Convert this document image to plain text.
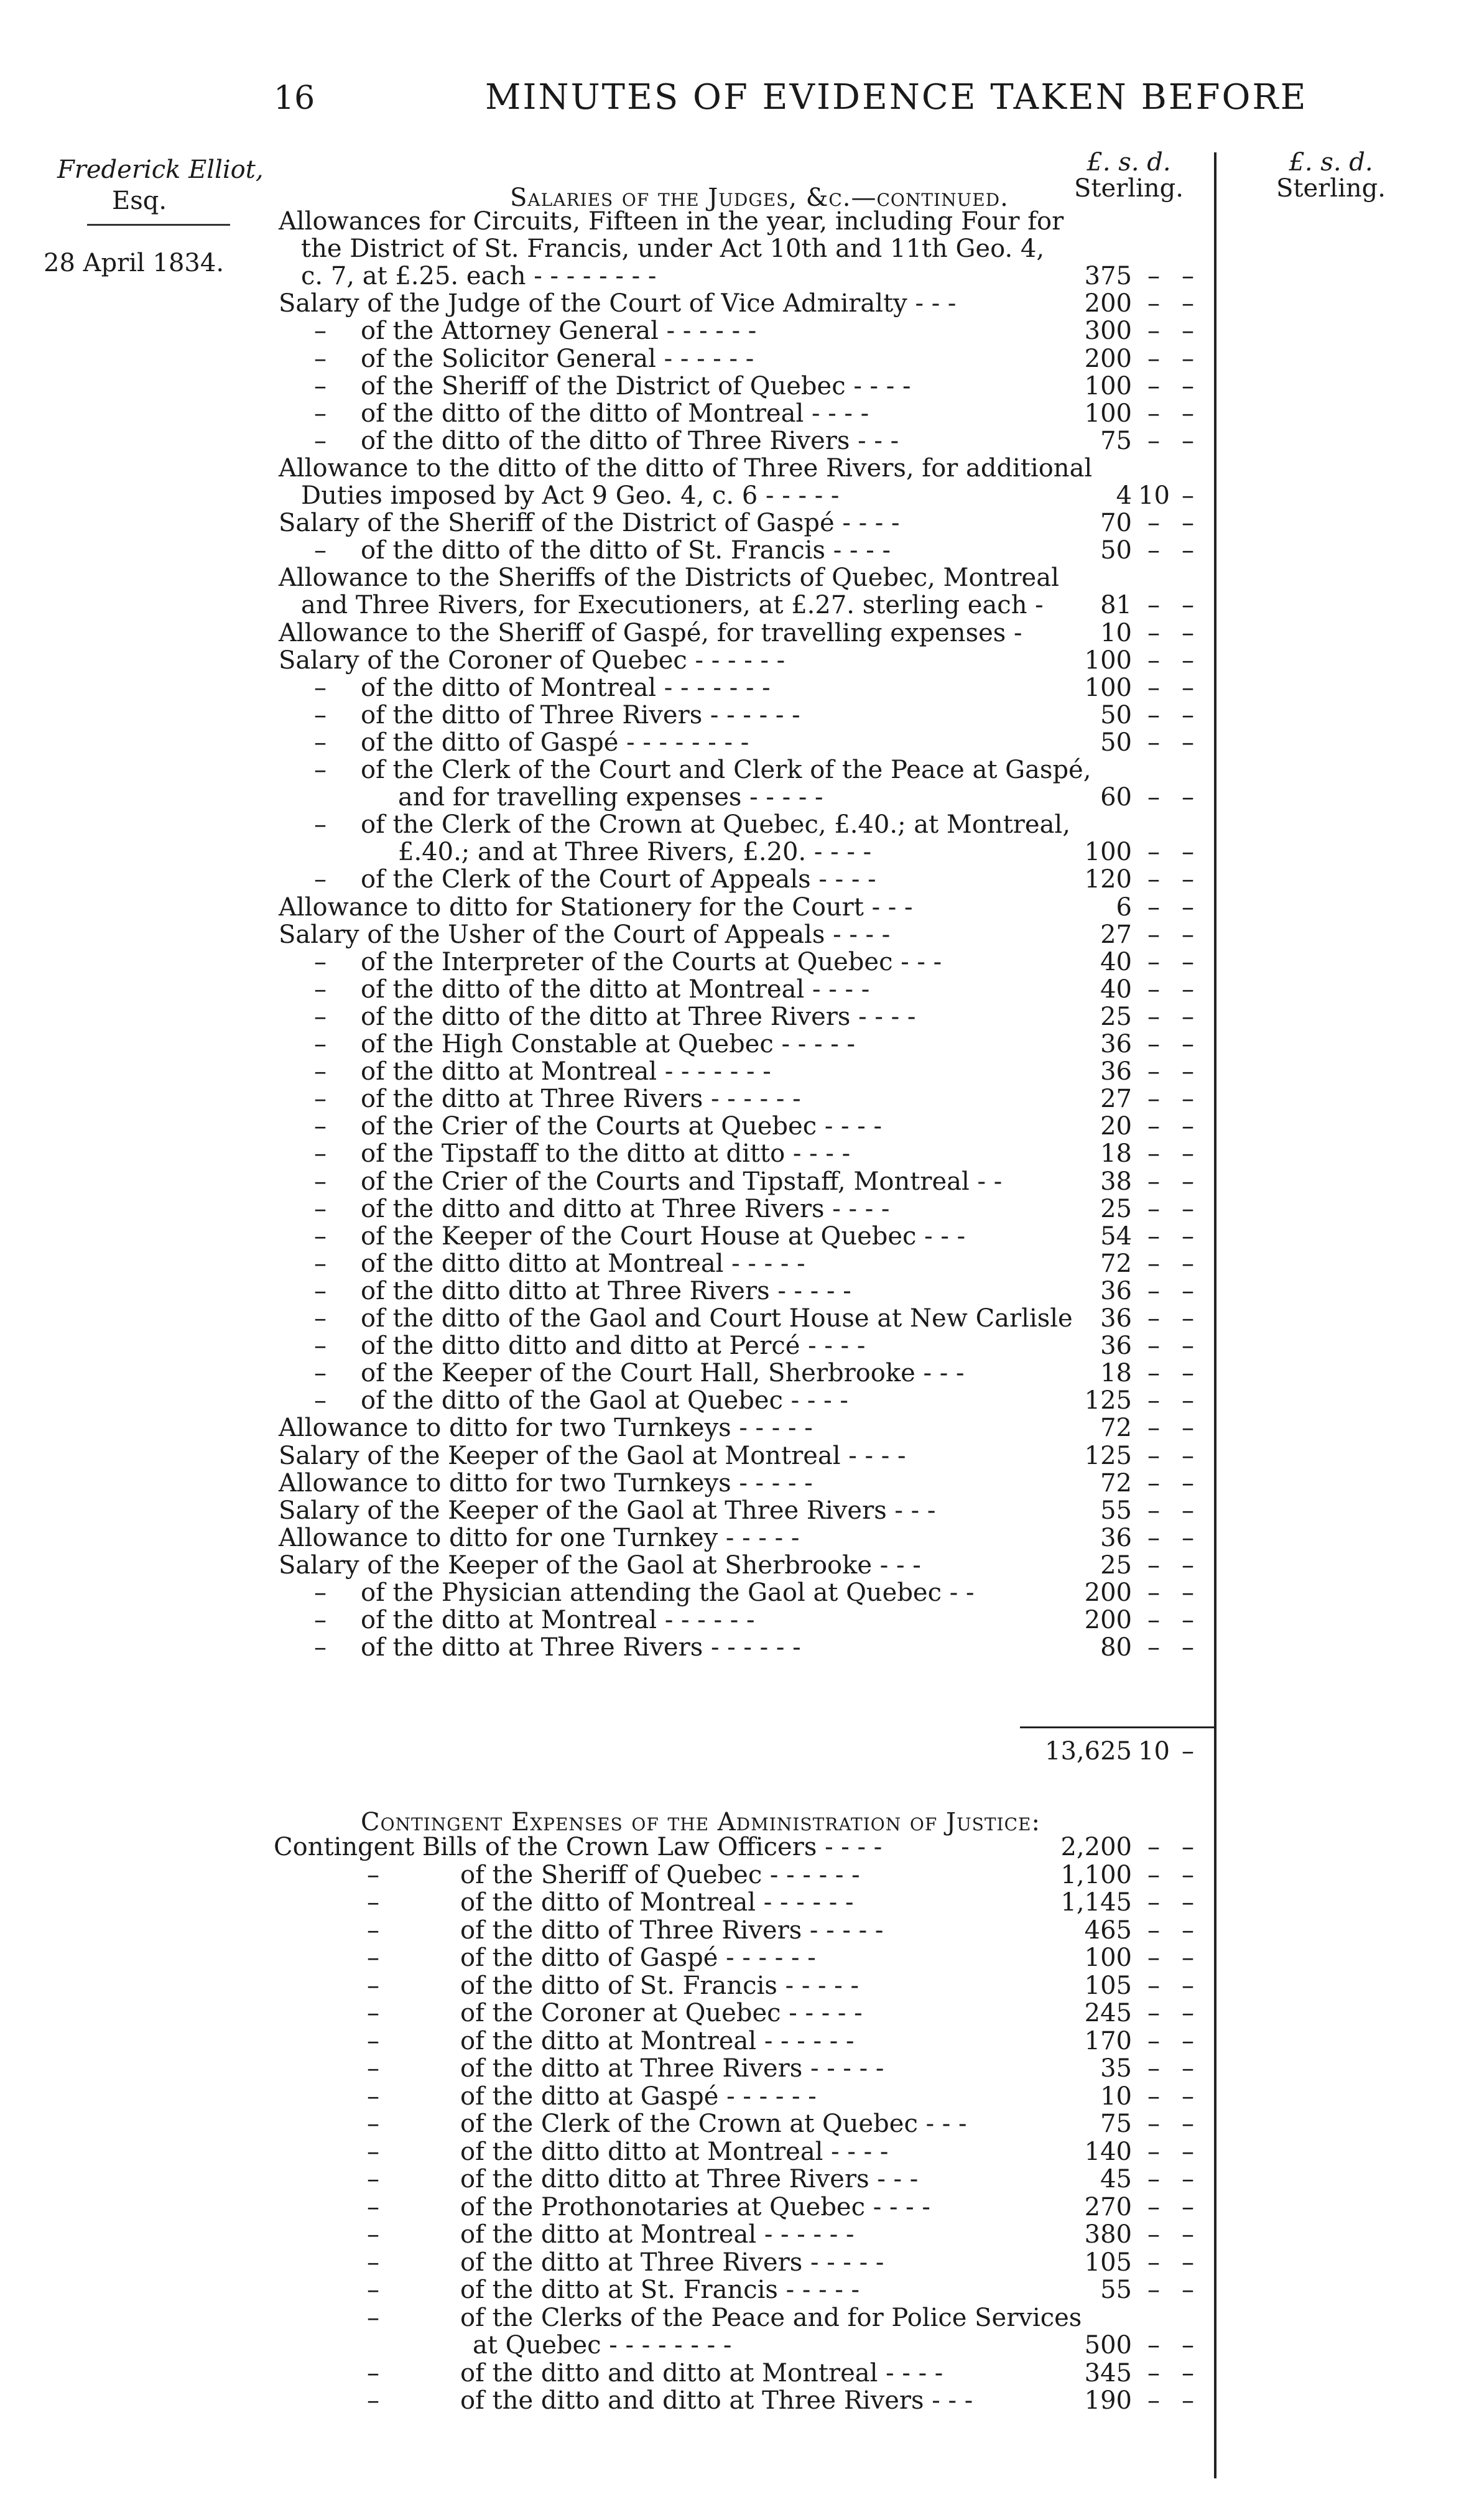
16	MINUTES OF EVIDENCE TAKEN BEFORE
Frederick Elliot,
Esq.
28 April 1834.
£. s. d.
Sterling.
£. s. d.
Sterling.
Salaries of the Judges, &c.—continued.
Allowances for Circuits, Fifteen in the year, including Four for
the District of St. Francis, under Act 10th and 11th Geo. 4,
c. 7, at £.25. each - - - - - - - -	375 – –
Salary of the Judge of the Court of Vice Admiralty - - -	200 – –
– of the Attorney General - - - - - -	300 – –
– of the Solicitor General - - - - - -	200 – –
– of the Sheriff of the District of Quebec - - - -	100 – –
– of the ditto of the ditto of Montreal - - - -	100 – –
– of the ditto of the ditto of Three Rivers - - -	75 – –
Allowance to the ditto of the ditto of Three Rivers, for additional
Duties imposed by Act 9 Geo. 4, c. 6 - - - - -	4 10 –
Salary of the Sheriff of the District of Gaspé - - - -	70 – –
– of the ditto of the ditto of St. Francis - - - -	50 – –
Allowance to the Sheriffs of the Districts of Quebec, Montreal
and Three Rivers, for Executioners, at £.27. sterling each -	81 – –
Allowance to the Sheriff of Gaspé, for travelling expenses -	10 – –
Salary of the Coroner of Quebec - - - - - -	100 – –
– of the ditto of Montreal - - - - - - -	100 – –
– of the ditto of Three Rivers - - - - - -	50 – –
– of the ditto of Gaspé - - - - - - - -	50 – –
– of the Clerk of the Court and Clerk of the Peace at Gaspé,
and for travelling expenses - - - - -	60 – –
– of the Clerk of the Crown at Quebec, £.40.; at Montreal,
£.40.; and at Three Rivers, £.20. - - - -	100 – –
– of the Clerk of the Court of Appeals - - - -	120 – –
Allowance to ditto for Stationery for the Court - - -	6 – –
Salary of the Usher of the Court of Appeals - - - -	27 – –
– of the Interpreter of the Courts at Quebec - - -	40 – –
– of the ditto of the ditto at Montreal - - - -	40 – –
– of the ditto of the ditto at Three Rivers - - - -	25 – –
– of the High Constable at Quebec - - - - -	36 – –
– of the ditto at Montreal - - - - - - -	36 – –
– of the ditto at Three Rivers - - - - - -	27 – –
– of the Crier of the Courts at Quebec - - - -	20 – –
– of the Tipstaff to the ditto at ditto - - - -	18 – –
– of the Crier of the Courts and Tipstaff, Montreal - -	38 – –
– of the ditto and ditto at Three Rivers - - - -	25 – –
– of the Keeper of the Court House at Quebec - - -	54 – –
– of the ditto ditto at Montreal - - - - -	72 – –
– of the ditto ditto at Three Rivers - - - - -	36 – –
– of the ditto of the Gaol and Court House at New Carlisle	36 – –
– of the ditto ditto and ditto at Percé - - - -	36 – –
– of the Keeper of the Court Hall, Sherbrooke - - -	18 – –
– of the ditto of the Gaol at Quebec - - - -	125 – –
Allowance to ditto for two Turnkeys - - - - -	72 – –
Salary of the Keeper of the Gaol at Montreal - - - -	125 – –
Allowance to ditto for two Turnkeys - - - - -	72 – –
Salary of the Keeper of the Gaol at Three Rivers - - -	55 – –
Allowance to ditto for one Turnkey - - - - -	36 – –
Salary of the Keeper of the Gaol at Sherbrooke - - -	25 – –
– of the Physician attending the Gaol at Quebec - -	200 – –
– of the ditto at Montreal - - - - - -	200 – –
– of the ditto at Three Rivers - - - - - -	80 – –
13,625 10 –
Contingent Expenses of the Administration of Justice:
Contingent Bills of the Crown Law Officers - - - -	2,200 – –
–	of the Sheriff of Quebec - - - - - -	1,100 – –
–	of the ditto of Montreal - - - - - -	1,145 – –
–	of the ditto of Three Rivers - - - - -	465 – –
–	of the ditto of Gaspé - - - - - -	100 – –
–	of the ditto of St. Francis - - - - -	105 – –
–	of the Coroner at Quebec - - - - -	245 – –
–	of the ditto at Montreal - - - - - -	170 – –
–	of the ditto at Three Rivers - - - - -	35 – –
–	of the ditto at Gaspé - - - - - -	10 – –
–	of the Clerk of the Crown at Quebec - - -	75 – –
–	of the ditto ditto at Montreal - - - -	140 – –
–	of the ditto ditto at Three Rivers - - -	45 – –
–	of the Prothonotaries at Quebec - - - -	270 – –
–	of the ditto at Montreal - - - - - -	380 – –
–	of the ditto at Three Rivers - - - - -	105 – –
–	of the ditto at St. Francis - - - - -	55 – –
–	of the Clerks of the Peace and for Police Services
at Quebec - - - - - - - -	500 – –
–	of the ditto and ditto at Montreal - - - -	345 – –
–	of the ditto and ditto at Three Rivers - - -	190 – –
